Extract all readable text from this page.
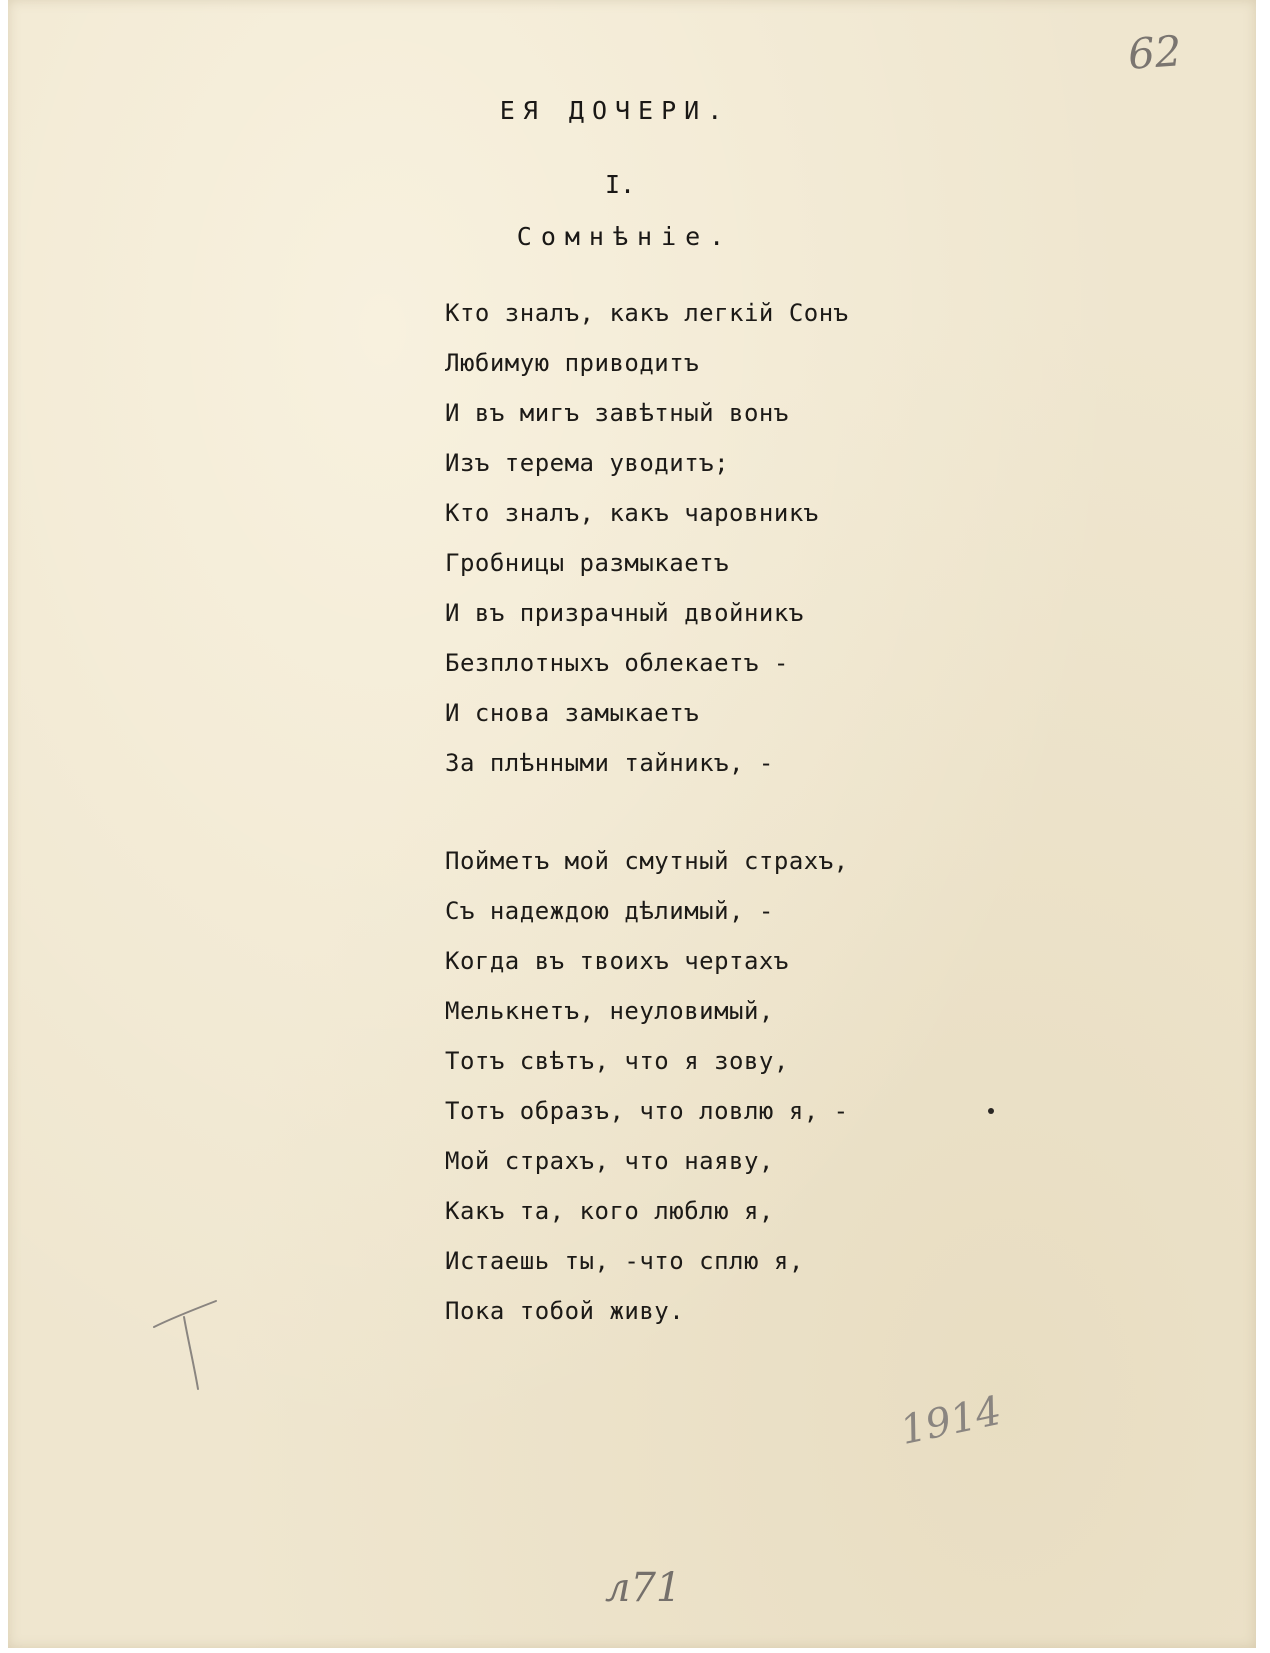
62
ЕЯ ДОЧЕРИ.
I.
Сомнѣніе.
Кто зналъ, какъ легкій Сонъ
Любимую приводитъ
И въ мигъ завѣтный вонъ
Изъ терема уводитъ;
Кто зналъ, какъ чаровникъ
Гробницы размыкаетъ
И въ призрачный двойникъ
Безплотныхъ облекаетъ -
И снова замыкаетъ
За плѣнными тайникъ, -
Пойметъ мой смутный страхъ,
Съ надеждою дѣлимый, -
Когда въ твоихъ чертахъ
Мелькнетъ, неуловимый,
Тотъ свѣтъ, что я зову,
Тотъ образъ, что ловлю я, -
Мой страхъ, что наяву,
Какъ та, кого люблю я,
Истаешь ты, -что сплю я,
Пока тобой живу.
1914
л71
